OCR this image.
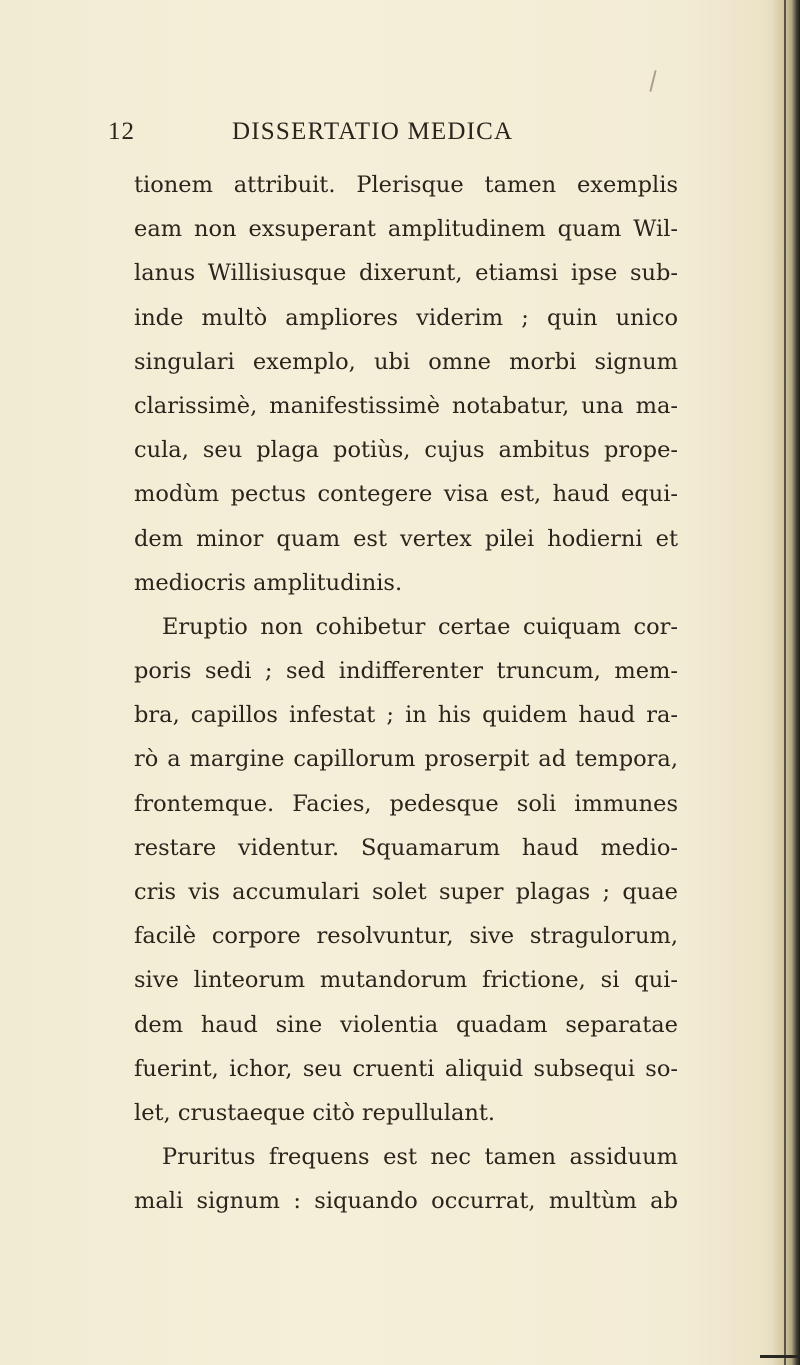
12	DISSERTATIO MEDICA
tionem attribuit. Plerisque tamen exemplis
eam non exsuperant amplitudinem quam Wil-
lanus Willisiusque dixerunt, etiamsi ipse sub-
inde multò ampliores viderim ; quin unico
singulari exemplo, ubi omne morbi signum
clarissimè, manifestissimè notabatur, una ma-
cula, seu plaga potiùs, cujus ambitus prope-
modùm pectus contegere visa est, haud equi-
dem minor quam est vertex pilei hodierni et
mediocris amplitudinis.
Eruptio non cohibetur certae cuiquam cor-
poris sedi ; sed indifferenter truncum, mem-
bra, capillos infestat ; in his quidem haud ra-
rò a margine capillorum proserpit ad tempora,
frontemque. Facies, pedesque soli immunes
restare videntur. Squamarum haud medio-
cris vis accumulari solet super plagas ; quae
facilè corpore resolvuntur, sive stragulorum,
sive linteorum mutandorum frictione, si qui-
dem haud sine violentia quadam separatae
fuerint, ichor, seu cruenti aliquid subsequi so-
let, crustaeque citò repullulant.
Pruritus frequens est nec tamen assiduum
mali signum : siquando occurrat, multùm ab
